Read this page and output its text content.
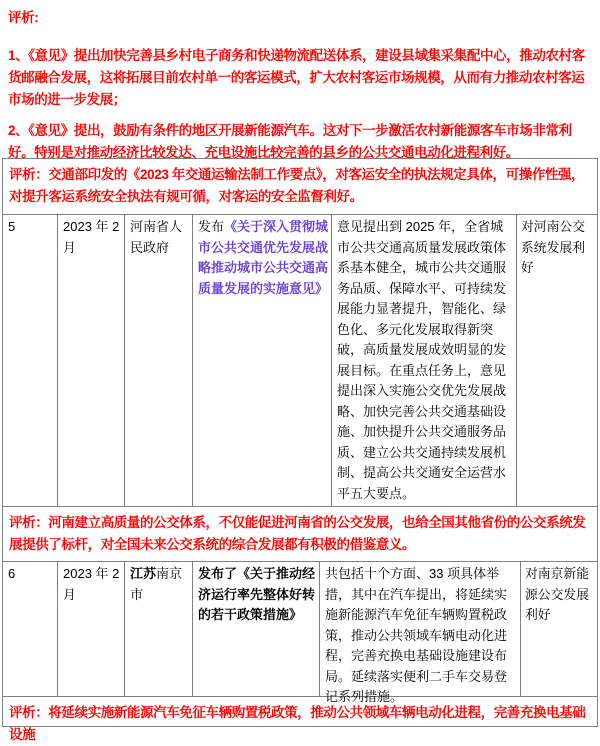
评析:

1、《意见》提出加快完善县乡村电子商务和快递物流配送体系，建设县域集采集配中心，推动农村客货邮融合发展，这将拓展目前农村单一的客运模式，扩大农村客运市场规模，从而有力推动农村客运市场的进一步发展；

2、《意见》提出，鼓励有条件的地区开展新能源汽车。这对下一步激活农村新能源客车市场非常利好。特别是对推动经济比较发达、充电设施比较完善的县乡的公共交通电动化进程利好。

评析：交通部印发的《2023 年交通运输法制工作要点》，对客运安全的执法规定具体，可操作性强，对提升客运系统安全执法有规可循，对客运的安全监督利好。
5	2023 年 2 月
河南省人民政府
发布《关于深入贯彻城市公共交通优先发展战略推动城市公共交通高质量发展的实施意见》
意见提出到 2025 年，全省城市公共交通高质量发展政策体系基本健全，城市公共交通服务品质、保障水平、可持续发展能力显著提升，智能化、绿色化、多元化发展取得新突破，高质量发展成效明显的发展目标。在重点任务上，意见提出深入实施公交优先发展战略、加快完善公共交通基础设施、加快提升公共交通服务品质、建立公共交通持续发展机制、提高公共交通安全运营水平五大要点。
对河南公交系统发展利好
评析：河南建立高质量的公交体系，不仅能促进河南省的公交发展，也给全国其他省份的公交系统发展提供了标杆，对全国未来公交系统的综合发展都有积极的借鉴意义。
6	2023 年 2 月
江苏南京市
发布了《关于推动经济运行率先整体好转的若干政策措施》
共包括十个方面、33 项具体举措，其中在汽车提出，将延续实施新能源汽车免征车辆购置税政策，推动公共领域车辆电动化进程，完善充换电基础设施建设布局。延续落实便利二手车交易登记系列措施。
对南京新能源公交发展利好
评析：将延续实施新能源汽车免征车辆购置税政策，推动公共领域车辆电动化进程，完善充换电基础设施
